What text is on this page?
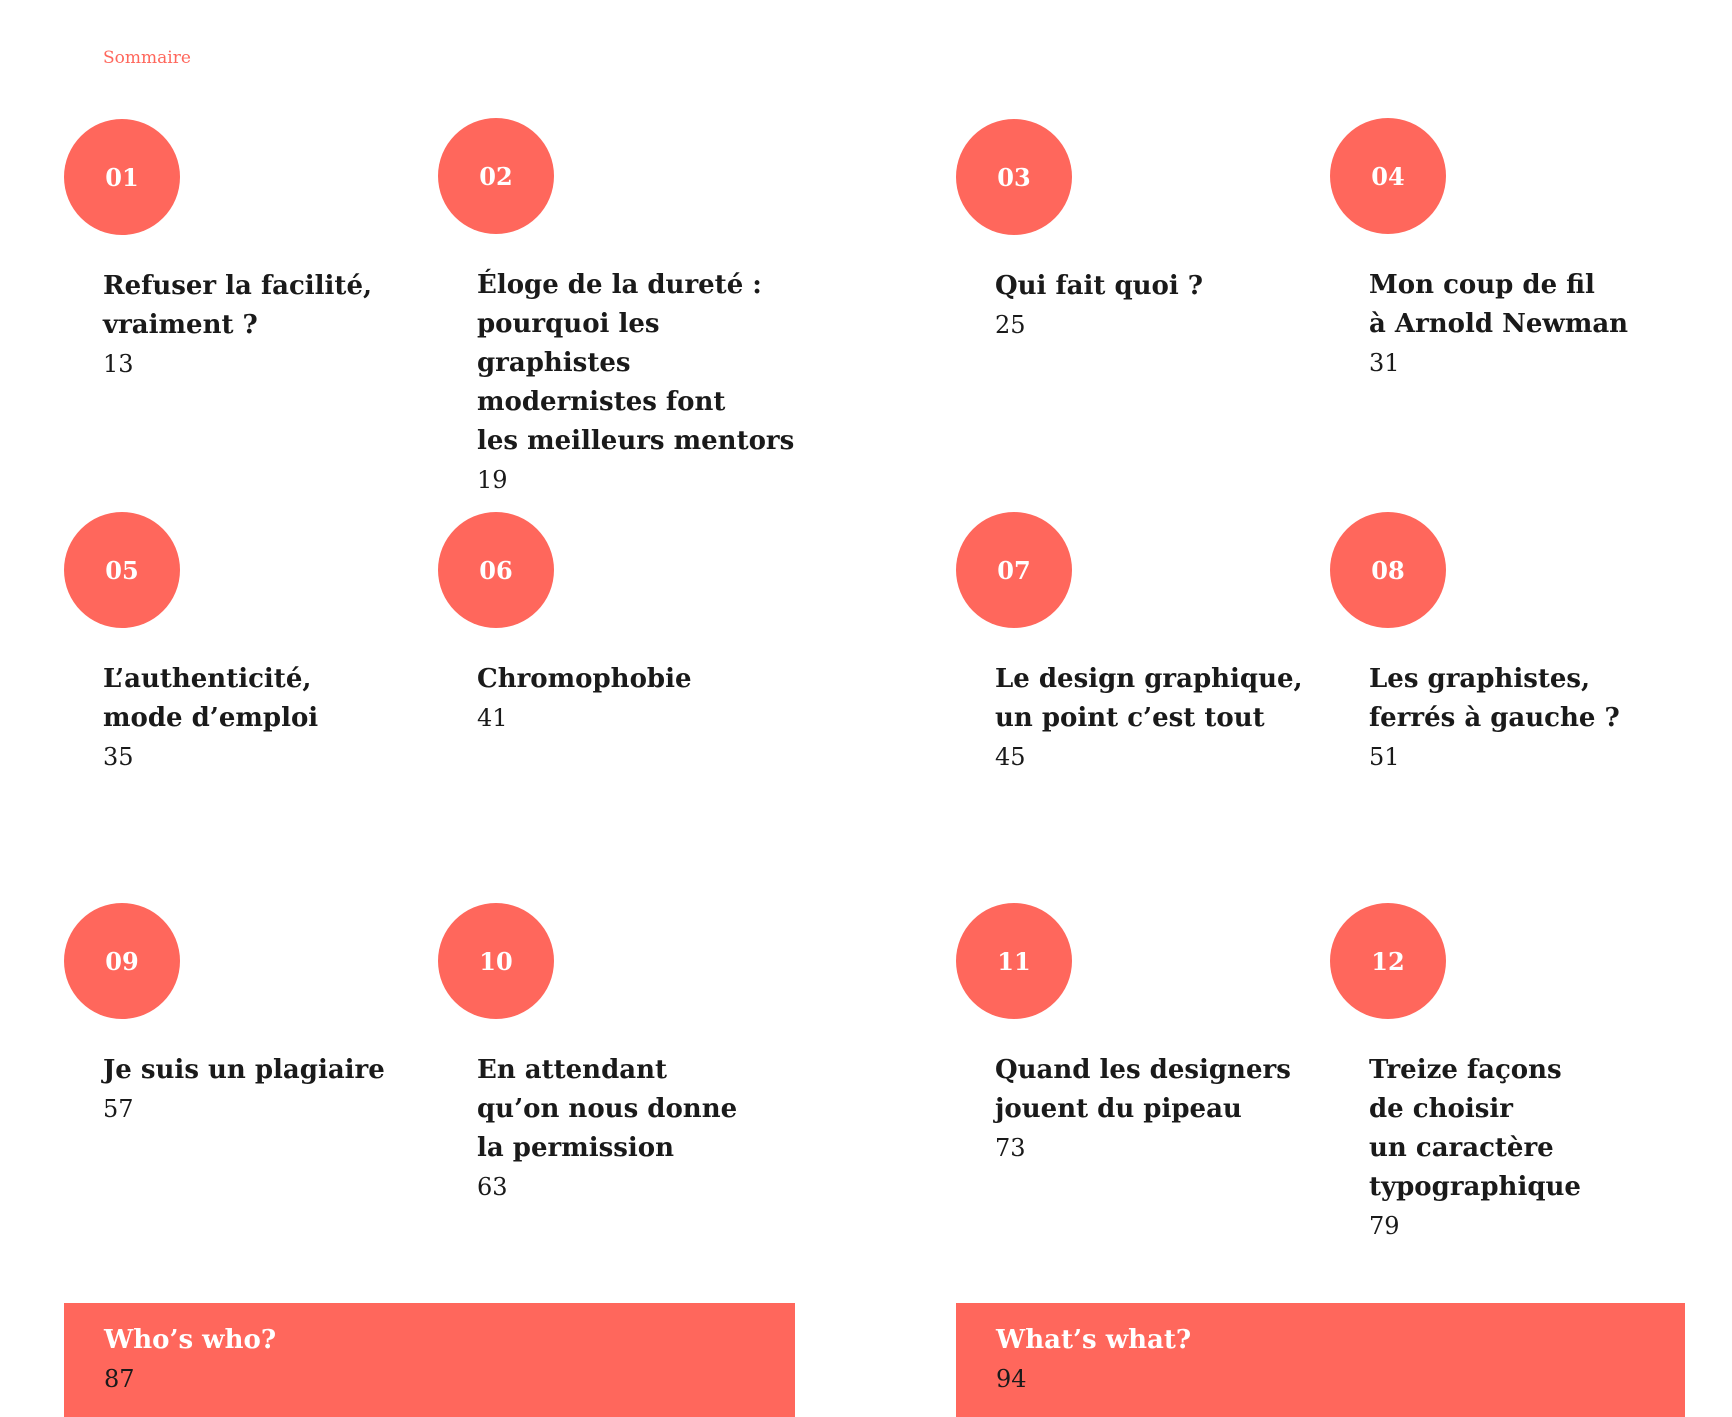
Sommaire

01

Refuser la facilité,
vraiment ?

13

02

Éloge de la dureté :
pourquoi les graphistes
modernistes font
les meilleurs mentors

19

03

Qui fait quoi ?

25

04

Mon coup de fil
à Arnold Newman

31

05

L’authenticité,
mode d’emploi

35

06

Chromophobie

41

07

Le design graphique,
un point c’est tout

45

08

Les graphistes,
ferrés à gauche ?

51

09

Je suis un plagiaire

57

10

En attendant
qu’on nous donne
la permission

63

11

Quand les designers
jouent du pipeau

73

12

Treize façons
de choisir
un caractère
typographique

79

Who’s who?

87

What’s what?

94
